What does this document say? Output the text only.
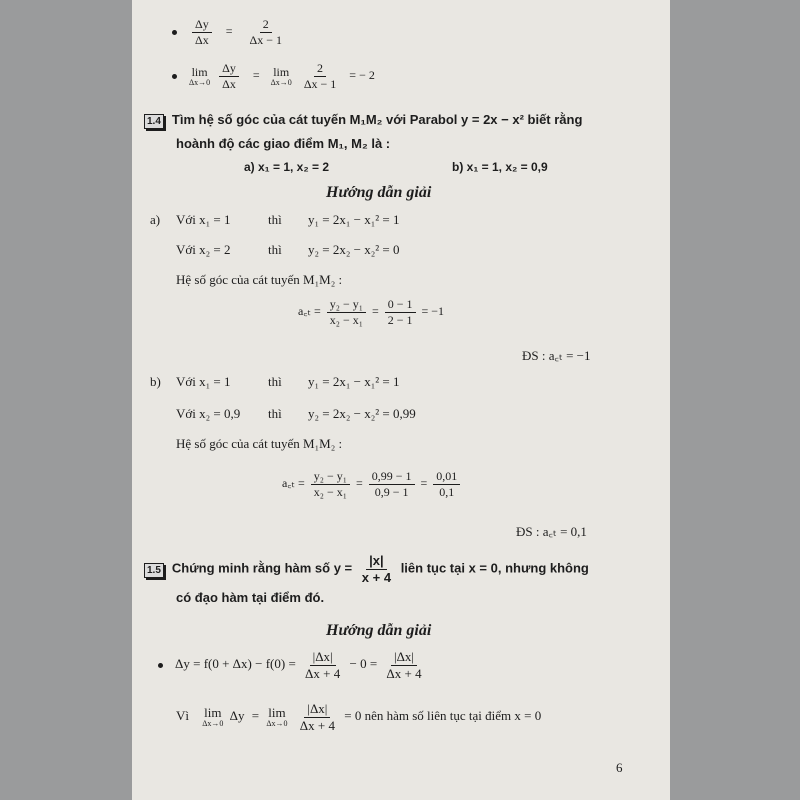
$\frac{\Delta y}{\Delta x} = \frac{2}{\Delta x - 1}$
lim
Δx→0
$\frac{\Delta y}{\Delta x} = \lim$
Δx→0
$\frac{2}{\Delta x - 1}$ = − 2
1.4 Tìm hệ số góc của cát tuyến M₁M₂ với Parabol y = 2x − x² biết rằng
hoành độ các giao điểm M₁, M₂ là :
a) x₁ = 1, x₂ = 2	b) x₁ = 1, x₂ = 0,9
Hướng dẫn giải
a) Với x₁ = 1	thì y₁ = 2x₁ − x₁² = 1
Với x₂ = 2	thì y₂ = 2x₂ − x₂² = 0
Hệ số góc của cát tuyến M₁M₂ :
a꜀ₜ = $\frac{\text{y₂ − y₁}}{\text{x₂ − x₁}} = \frac{0 - 1}{2 - 1} = -1$
ĐS : a꜀ₜ = −1
b) Với x₁ = 1	thì y₁ = 2x₁ − x₁² = 1
Với x₂ = 0,9 thì y₂ = 2x₂ − x₂² = 0,99
Hệ số góc của cát tuyến M₁M₂ :
a꜀ₜ = $\frac{\text{y₂ − y₁}}{\text{x₂ − x₁}} = \frac{0,99 - 1}{0,9 - 1} = \frac{0,01}{0,1}$
ĐS : a꜀ₜ = 0,1
1.5 Chứng minh rằng hàm số $y = \frac{|x|}{x + 4}$ liên tục tại x = 0, nhưng không
có đạo hàm tại điểm đó.
Hướng dẫn giải
$\Delta y = f(0 + \Delta x) - f(0) = \frac{|\Delta x|}{\Delta x + 4} - 0 = \frac{|\Delta x|}{\Delta x + 4}$
Vì lim
Δx→0
Δy = lim
Δx→0
$\frac{|\Delta x|}{\Delta x + 4} = 0$ nên hàm số liên tục tại điểm x = 0
6
